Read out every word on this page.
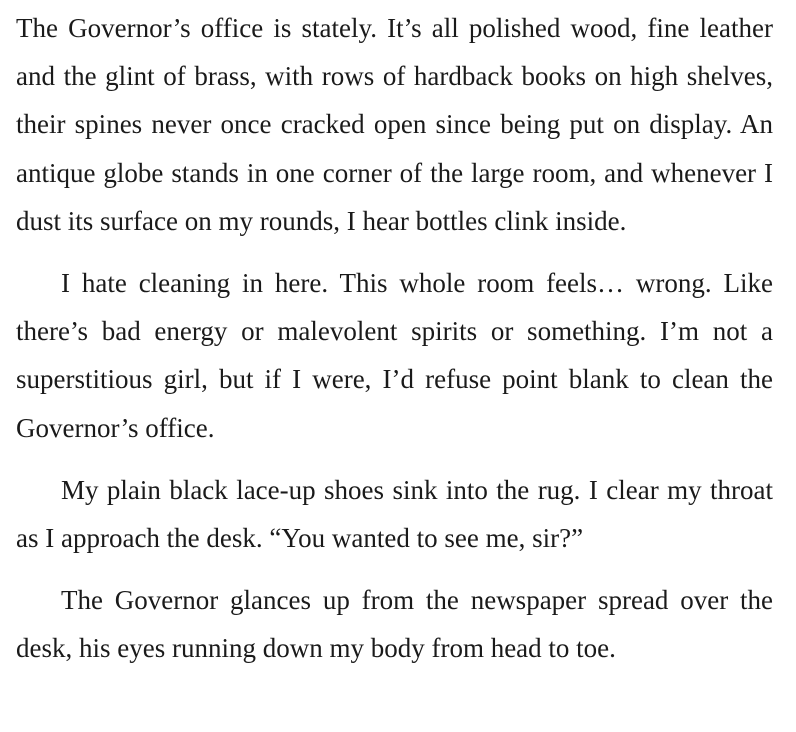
The Governor’s office is stately. It’s all polished wood, fine leather and the glint of brass, with rows of hardback books on high shelves, their spines never once cracked open since being put on display. An antique globe stands in one corner of the large room, and whenever I dust its surface on my rounds, I hear bottles clink inside.

I hate cleaning in here. This whole room feels… wrong. Like there’s bad energy or malevolent spirits or something. I’m not a superstitious girl, but if I were, I’d refuse point blank to clean the Governor’s office.

My plain black lace-up shoes sink into the rug. I clear my throat as I approach the desk. “You wanted to see me, sir?”

The Governor glances up from the newspaper spread over the desk, his eyes running down my body from head to toe.
